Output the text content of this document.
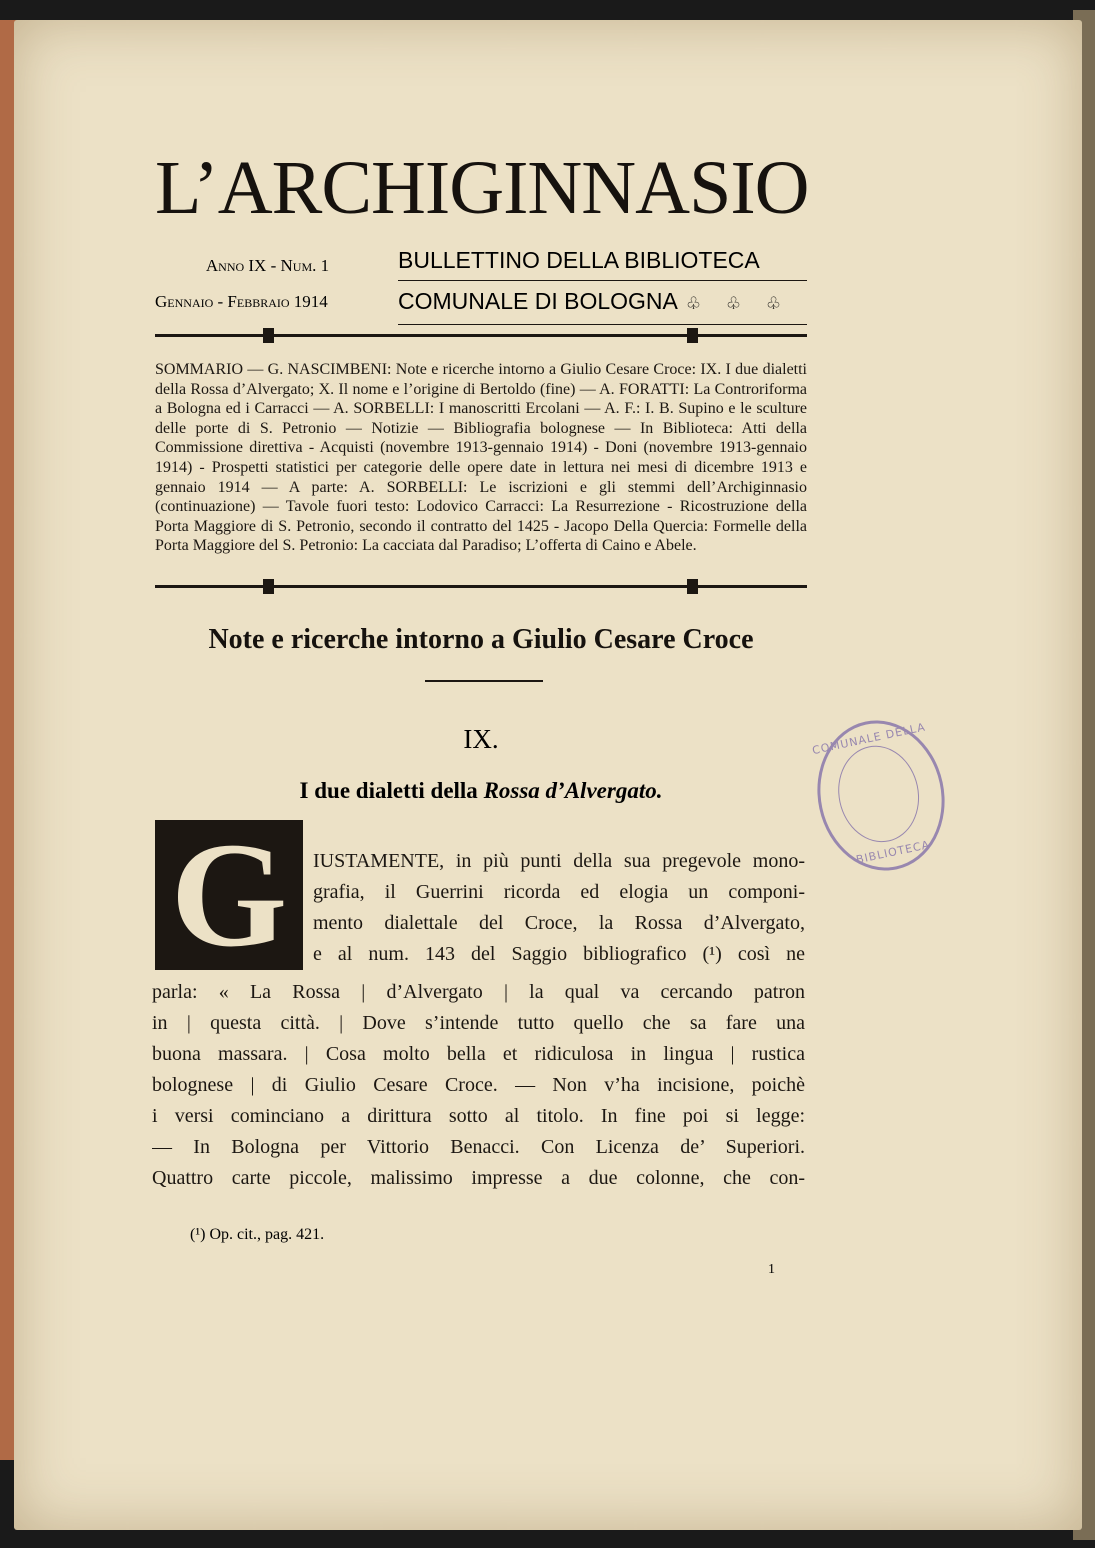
L’ARCHIGINNASIO
Anno IX - Num. 1
Gennaio - Febbraio 1914
BULLETTINO DELLA BIBLIOTECA
COMUNALE DI BOLOGNA ♧ ♧ ♧
SOMMARIO — G. NASCIMBENI: Note e ricerche intorno a Giulio Cesare Croce: IX. I due dialetti della Rossa d’Alvergato; X. Il nome e l’origine di Bertoldo (fine) — A. FORATTI: La Controriforma a Bologna ed i Carracci — A. SORBELLI: I manoscritti Ercolani — A. F.: I. B. Supino e le sculture delle porte di S. Petronio — Notizie — Bibliografia bolognese — In Biblioteca: Atti della Commissione direttiva - Acquisti (novembre 1913-gennaio 1914) - Doni (novembre 1913-gennaio 1914) - Prospetti statistici per categorie delle opere date in lettura nei mesi di dicembre 1913 e gennaio 1914 — A parte: A. SORBELLI: Le iscrizioni e gli stemmi dell’Archiginnasio (continuazione) — Tavole fuori testo: Lodovico Carracci: La Resurrezione - Ricostruzione della Porta Maggiore di S. Petronio, secondo il contratto del 1425 - Jacopo Della Quercia: Formelle della Porta Maggiore del S. Petronio: La cacciata dal Paradiso; L’offerta di Caino e Abele.
Note e ricerche intorno a Giulio Cesare Croce
IX.
I due dialetti della Rossa d’Alvergato.
G	IUSTAMENTE, in più punti della sua pregevole mono-
grafia, il Guerrini ricorda ed elogia un componi-
mento dialettale del Croce, la Rossa d’Alvergato,
e al num. 143 del Saggio bibliografico (¹) così ne
parla: « La Rossa | d’Alvergato | la qual va cercando patron
in | questa città. | Dove s’intende tutto quello che sa fare una
buona massara. | Cosa molto bella et ridiculosa in lingua | rustica
bolognese | di Giulio Cesare Croce. — Non v’ha incisione, poichè
i versi cominciano a dirittura sotto al titolo. In fine poi si legge:
— In Bologna per Vittorio Benacci. Con Licenza de’ Superiori.
Quattro carte piccole, malissimo impresse a due colonne, che con-
(¹) Op. cit., pag. 421.
1
COMUNALE DELLA
BIBLIOTECA
